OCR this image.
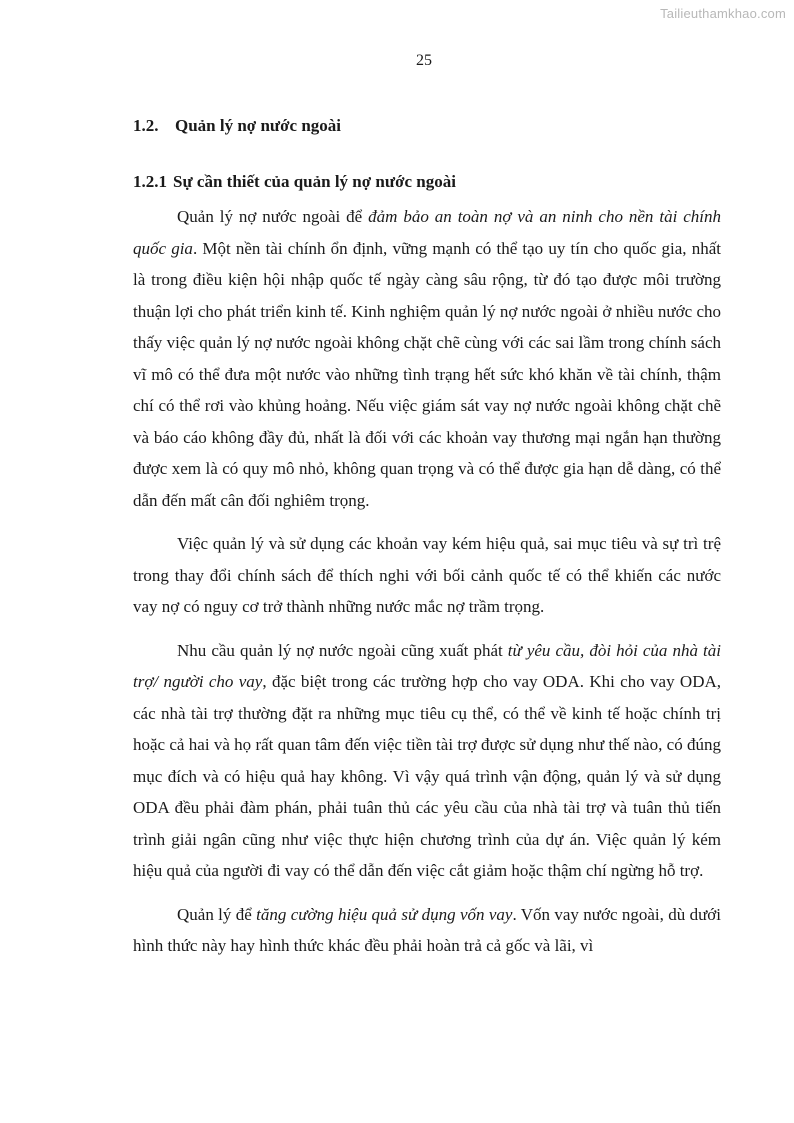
Tailieuthamkhao.com
25
1.2. Quản lý nợ nước ngoài
1.2.1 Sự cần thiết của quản lý nợ nước ngoài

Quản lý nợ nước ngoài để đảm bảo an toàn nợ và an ninh cho nền tài chính quốc gia. Một nền tài chính ổn định, vững mạnh có thể tạo uy tín cho quốc gia, nhất là trong điều kiện hội nhập quốc tế ngày càng sâu rộng, từ đó tạo được môi trường thuận lợi cho phát triển kinh tế. Kinh nghiệm quản lý nợ nước ngoài ở nhiều nước cho thấy việc quản lý nợ nước ngoài không chặt chẽ cùng với các sai lầm trong chính sách vĩ mô có thể đưa một nước vào những tình trạng hết sức khó khăn về tài chính, thậm chí có thể rơi vào khủng hoảng. Nếu việc giám sát vay nợ nước ngoài không chặt chẽ và báo cáo không đầy đủ, nhất là đối với các khoản vay thương mại ngắn hạn thường được xem là có quy mô nhỏ, không quan trọng và có thể được gia hạn dễ dàng, có thể dẫn đến mất cân đối nghiêm trọng.

Việc quản lý và sử dụng các khoản vay kém hiệu quả, sai mục tiêu và sự trì trệ trong thay đổi chính sách để thích nghi với bối cảnh quốc tế có thể khiến các nước vay nợ có nguy cơ trở thành những nước mắc nợ trầm trọng.

Nhu cầu quản lý nợ nước ngoài cũng xuất phát từ yêu cầu, đòi hỏi của nhà tài trợ/ người cho vay, đặc biệt trong các trường hợp cho vay ODA. Khi cho vay ODA, các nhà tài trợ thường đặt ra những mục tiêu cụ thể, có thể về kinh tế hoặc chính trị hoặc cả hai và họ rất quan tâm đến việc tiền tài trợ được sử dụng như thế nào, có đúng mục đích và có hiệu quả hay không. Vì vậy quá trình vận động, quản lý và sử dụng ODA đều phải đàm phán, phải tuân thủ các yêu cầu của nhà tài trợ và tuân thủ tiến trình giải ngân cũng như việc thực hiện chương trình của dự án. Việc quản lý kém hiệu quả của người đi vay có thể dẫn đến việc cắt giảm hoặc thậm chí ngừng hỗ trợ.

Quản lý để tăng cường hiệu quả sử dụng vốn vay. Vốn vay nước ngoài, dù dưới hình thức này hay hình thức khác đều phải hoàn trả cả gốc và lãi, vì
